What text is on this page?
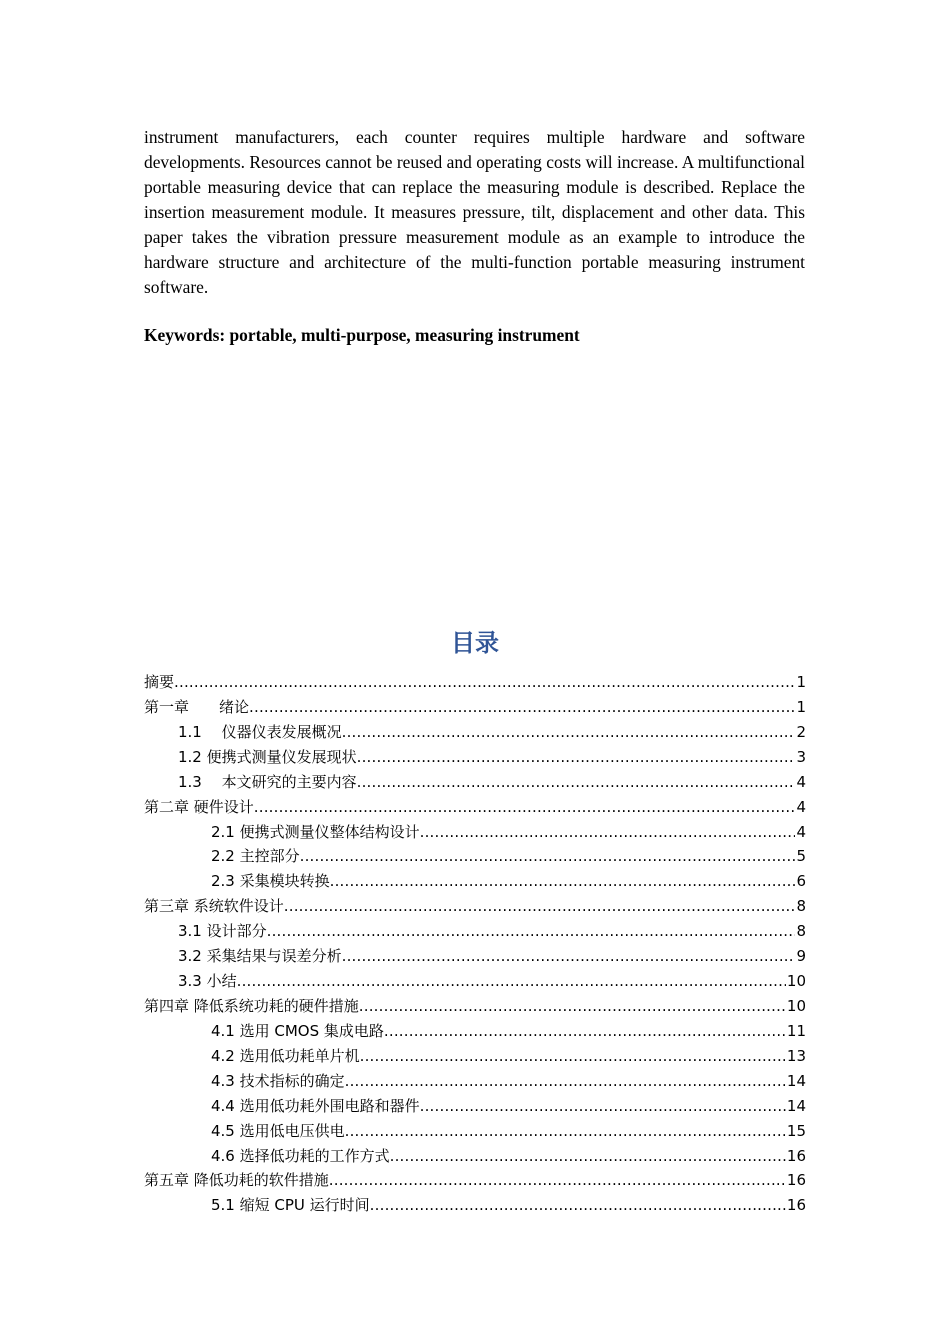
instrument manufacturers, each counter requires multiple hardware and software developments. Resources cannot be reused and operating costs will increase. A multifunctional portable measuring device that can replace the measuring module is described. Replace the insertion measurement module. It measures pressure, tilt, displacement and other data. This paper takes the vibration pressure measurement module as an example to introduce the hardware structure and architecture of the multi-function portable measuring instrument software.

Keywords: portable, multi-purpose, measuring instrument

目录
摘要 .....	1
第一章　　绪论 .....	1
1.1　 仪器仪表发展概况 .....	2
1.2 便携式测量仪发展现状 .....	3
1.3　 本文研究的主要内容 .....	4
第二章 硬件设计 .....	4
2.1 便携式测量仪整体结构设计 .....	4
2.2 主控部分 .....	5
2.3 采集模块转换 .....	6
第三章 系统软件设计 .....	8
3.1 设计部分 .....	8
3.2 采集结果与误差分析 .....	9
3.3 小结 .....	10
第四章 降低系统功耗的硬件措施 .....	10
4.1 选用 CMOS 集成电路 .....	11
4.2 选用低功耗单片机 .....	13
4.3 技术指标的确定 .....	14
4.4 选用低功耗外围电路和器件 .....	14
4.5 选用低电压供电 .....	15
4.6 选择低功耗的工作方式 .....	16
第五章 降低功耗的软件措施 .....	16
5.1 缩短 CPU 运行时间 .....	16
